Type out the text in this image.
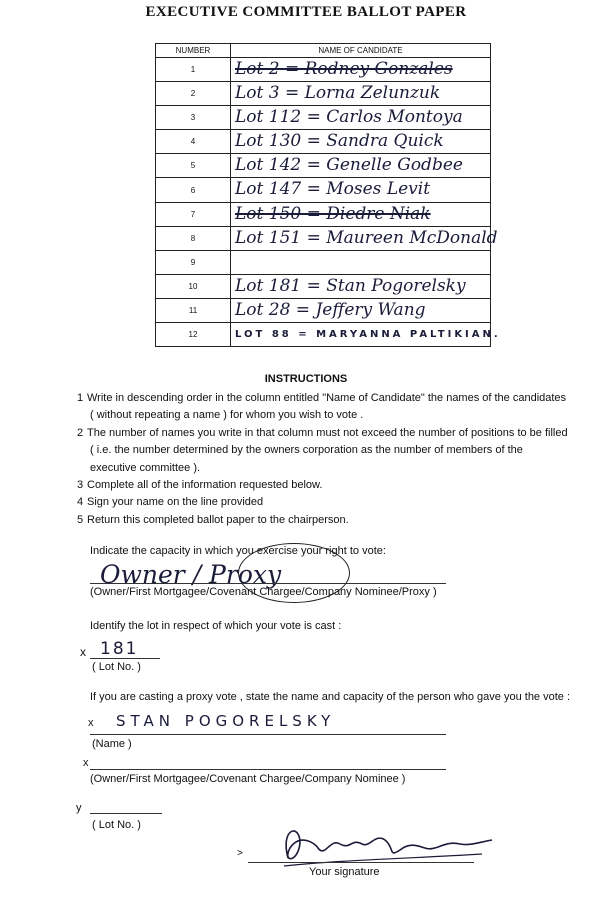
EXECUTIVE COMMITTEE BALLOT PAPER
NUMBER	NAME OF CANDIDATE
1	Lot 2 = Rodney Gonzales

2	Lot 3 = Lorna Zelunzuk

3	Lot 112 = Carlos Montoya

4	Lot 130 = Sandra Quick

5	Lot 142 = Genelle Godbee

6	Lot 147 = Moses Levit

7	Lot 150 = Diedre Niak

8	Lot 151 = Maureen McDonald

9	

10	Lot 181 = Stan Pogorelsky

11	Lot 28 = Jeffery Wang

12	LOT 88 = MARYANNA PALTIKIAN.
INSTRUCTIONS
1 Write in descending order in the column entitled "Name of Candidate" the names of the candidates
( without repeating a name ) for whom you wish to vote .
2 The number of names you write in that column must not exceed the number of positions to be filled
( i.e. the number determined by the owners corporation as the number of members of the
executive committee ).
3 Complete all of the information requested below.
4 Sign your name on the line provided
5 Return this completed ballot paper to the chairperson.
Indicate the capacity in which you exercise your right to vote:
Owner / Proxy
(Owner/First Mortgagee/Covenant Chargee/Company Nominee/Proxy )
Identify the lot in respect of which your vote is cast :
x 181
( Lot No. )
If you are casting a proxy vote , state the name and capacity of the person who gave you the vote :
x STAN POGORELSKY
(Name )
x
(Owner/First Mortgagee/Covenant Chargee/Company Nominee )
y
( Lot No. )
>
Your signature
